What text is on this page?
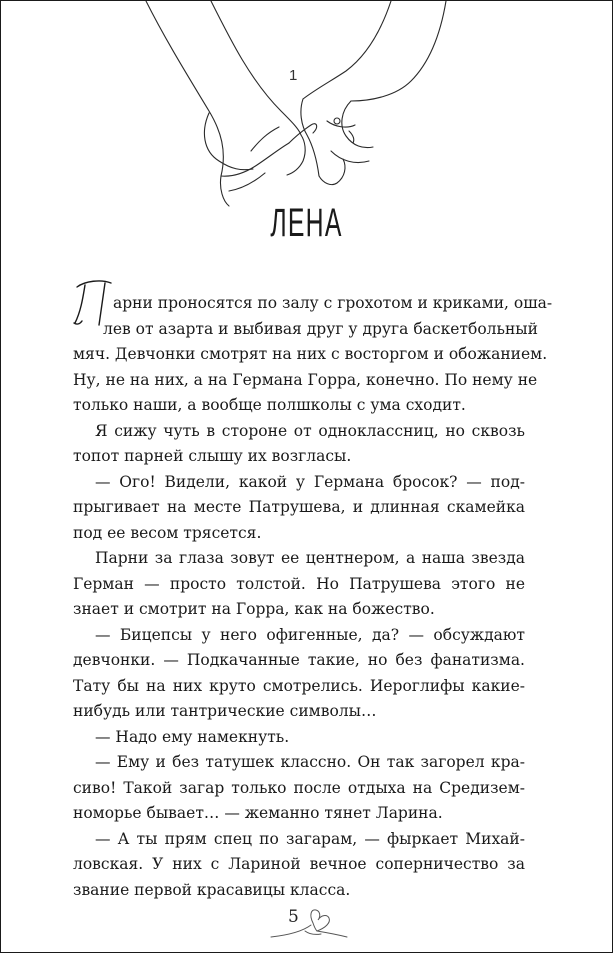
1
ЛЕНА
арни проносятся по залу с грохотом и криками, оша-
лев от азарта и выбивая друг у друга баскетбольный
мяч. Девчонки смотрят на них с восторгом и обожанием.
Ну, не на них, а на Германа Горра, конечно. По нему не
только наши, а вообще полшколы с ума сходит.
Я сижу чуть в стороне от одноклассниц, но сквозь
топот парней слышу их возгласы.
— Ого! Видели, какой у Германа бросок? — под-
прыгивает на месте Патрушева, и длинная скамейка
под ее весом трясется.
Парни за глаза зовут ее центнером, а наша звезда
Герман — просто толстой. Но Патрушева этого не
знает и смотрит на Горра, как на божество.
— Бицепсы у него офигенные, да? — обсуждают
девчонки. — Подкачанные такие, но без фанатизма.
Тату бы на них круто смотрелись. Иероглифы какие-
нибудь или тантрические символы…
— Надо ему намекнуть.
— Ему и без татушек классно. Он так загорел кра-
сиво! Такой загар только после отдыха на Средизем-
номорье бывает… — жеманно тянет Ларина.
— А ты прям спец по загарам, — фыркает Михай-
ловская. У них с Лариной вечное соперничество за
звание первой красавицы класса.
5
